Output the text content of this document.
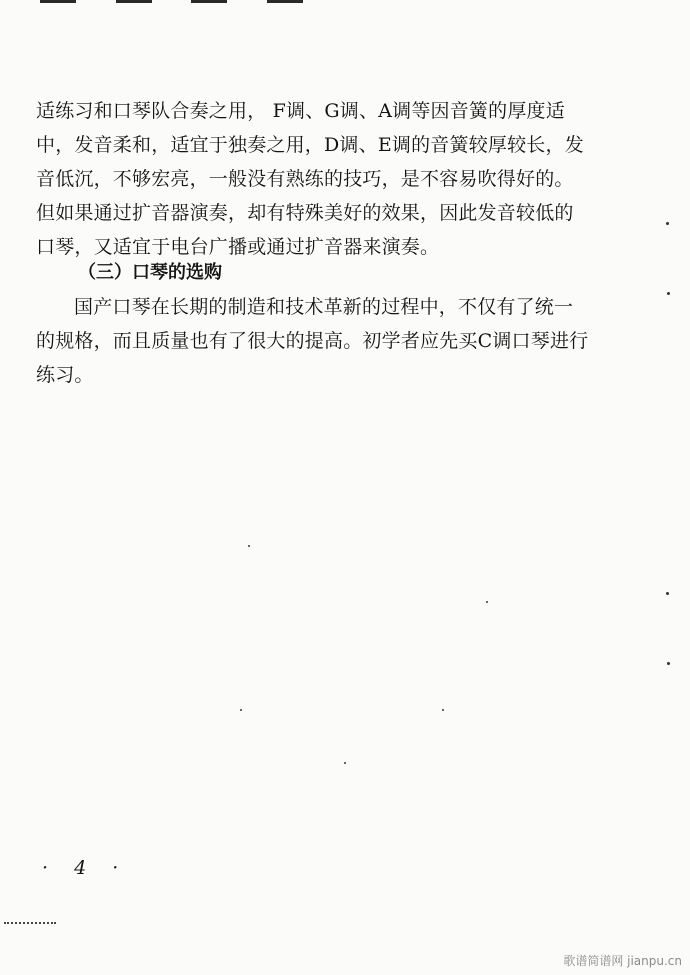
适练习和口琴队合奏之用， F调、G调、A调等因音簧的厚度适中，发音柔和，适宜于独奏之用，D调、E调的音簧较厚较长，发音低沉，不够宏亮，一般没有熟练的技巧，是不容易吹得好的。但如果通过扩音器演奏，却有特殊美好的效果，因此发音较低的口琴，又适宜于电台广播或通过扩音器来演奏。

（三）口琴的选购

国产口琴在长期的制造和技术革新的过程中，不仅有了统一的规格，而且质量也有了很大的提高。初学者应先买C调口琴进行练习。

· 4 ·
歌谱简谱网 jianpu.cn
